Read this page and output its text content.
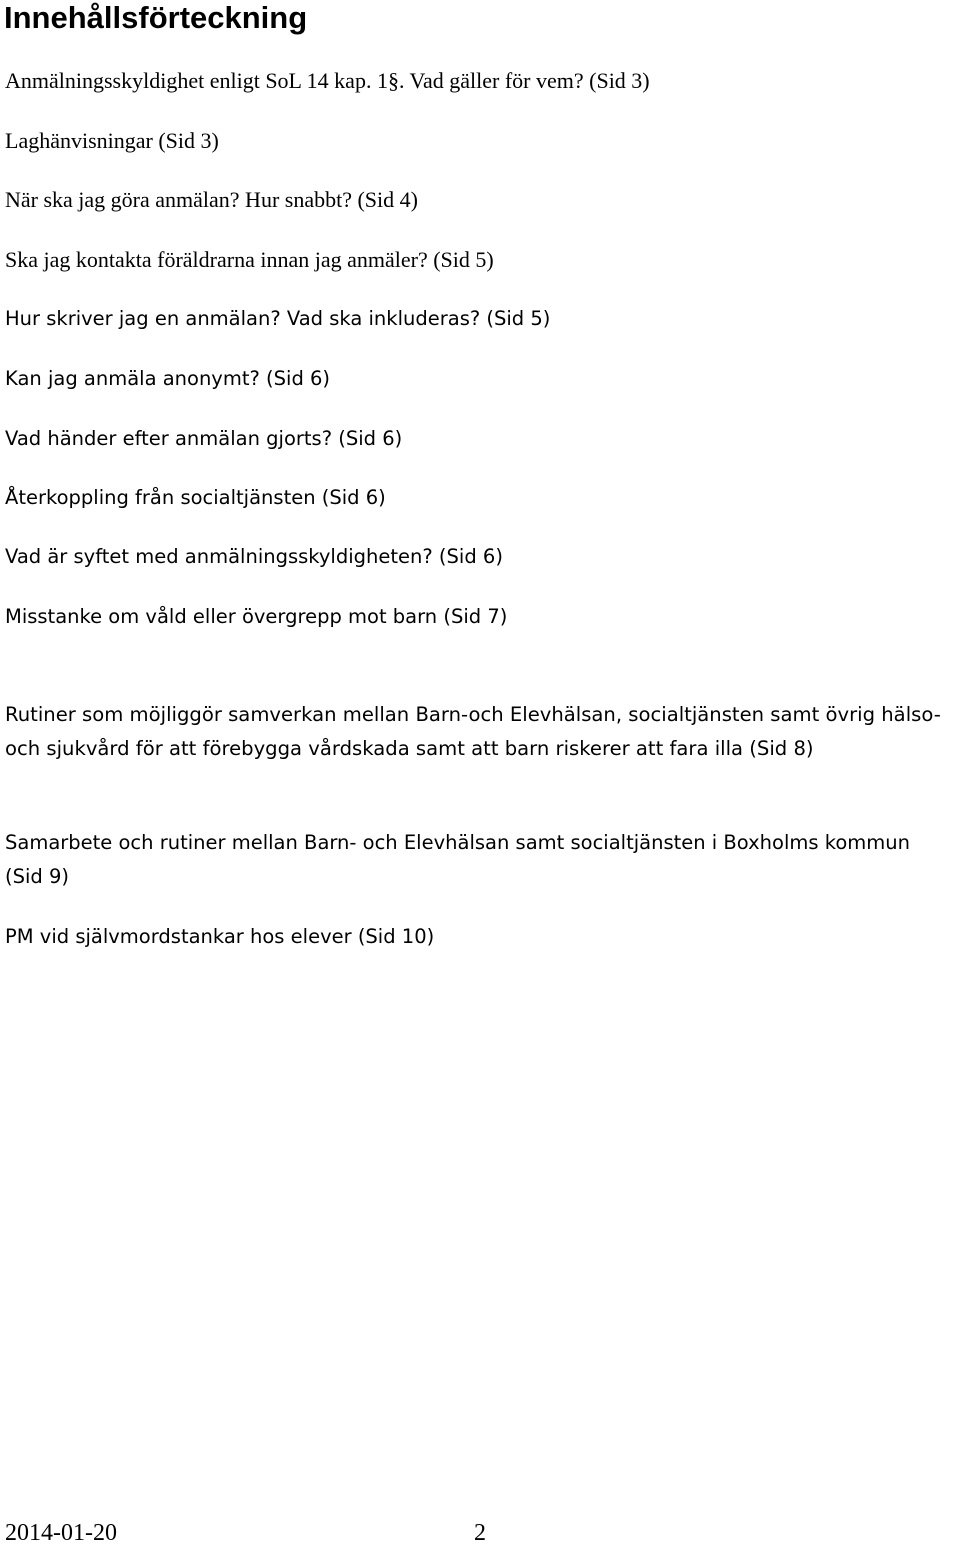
Innehållsförteckning

Anmälningsskyldighet enligt SoL 14 kap. 1§. Vad gäller för vem? (Sid 3)

Laghänvisningar (Sid 3)

När ska jag göra anmälan? Hur snabbt? (Sid 4)

Ska jag kontakta föräldrarna innan jag anmäler? (Sid 5)

Hur skriver jag en anmälan? Vad ska inkluderas? (Sid 5)

Kan jag anmäla anonymt? (Sid 6)

Vad händer efter anmälan gjorts? (Sid 6)

Återkoppling från socialtjänsten (Sid 6)

Vad är syftet med anmälningsskyldigheten? (Sid 6)

Misstanke om våld eller övergrepp mot barn (Sid 7)

Rutiner som möjliggör samverkan mellan Barn-och Elevhälsan, socialtjänsten samt övrig hälso- och sjukvård för att förebygga vårdskada samt att barn riskerer att fara illa (Sid 8)

Samarbete och rutiner mellan Barn- och Elevhälsan samt socialtjänsten i Boxholms kommun (Sid 9)

PM vid självmordstankar hos elever (Sid 10)

2014-01-20	2
